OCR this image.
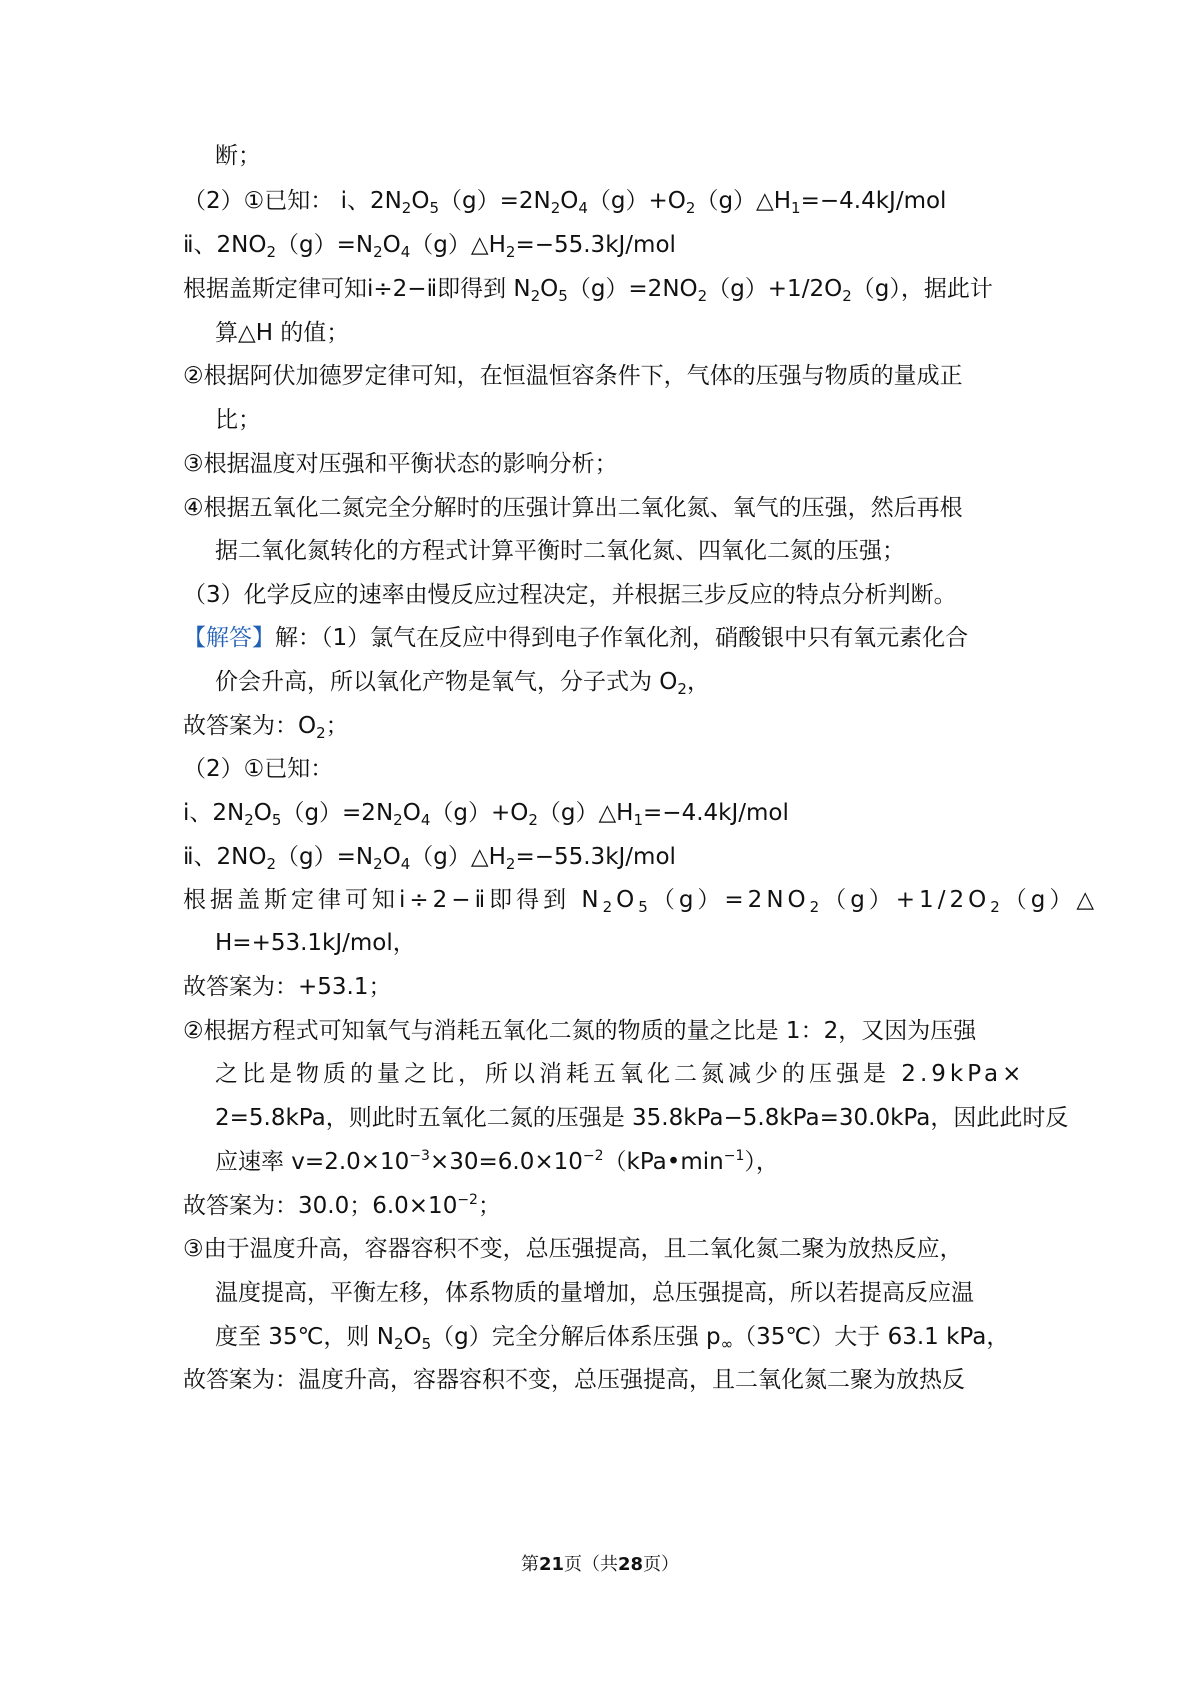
断；
（2）①已知： ⅰ、$2N_2O_5(g)=2N_2O_4(g)+O_2(g)\triangle H_1=-4.4kJ$/mol
ⅱ、$2NO_2(g)=N_2O_4(g)\triangle H_2=-55.3kJ$/mol
根据盖斯定律可知ⅰ÷2−ⅱ即得到 $N_2O_5(g)=2NO_2(g)+1/2O_2(g)$，据此计
算△H 的值；
②根据阿伏加德罗定律可知，在恒温恒容条件下，气体的压强与物质的量成正
比；
③根据温度对压强和平衡状态的影响分析；
④根据五氧化二氮完全分解时的压强计算出二氧化氮、氧气的压强，然后再根
据二氧化氮转化的方程式计算平衡时二氧化氮、四氧化二氮的压强；
（3）化学反应的速率由慢反应过程决定，并根据三步反应的特点分析判断。
【解答】解：（1）氯气在反应中得到电子作氧化剂，硝酸银中只有氧元素化合
价会升高，所以氧化产物是氧气，分子式为 $O_2$，
故答案为：$O_2$；
（2）①已知：
ⅰ、$2N_2O_5(g)=2N_2O_4(g)+O_2(g)\triangle H_1=-4.4kJ$/mol
ⅱ、$2NO_2(g)=N_2O_4(g)\triangle H_2=-55.3kJ$/mol
根据盖斯定律可知ⅰ÷2−ⅱ即得到 $N_2O_5(g)=2NO_2(g)+1/2O_2(g)\triangle$
H=+53.1kJ/mol，
故答案为：+53.1；
②根据方程式可知氧气与消耗五氧化二氮的物质的量之比是 1：2，又因为压强
之比是物质的量之比，所以消耗五氧化二氮减少的压强是 2.9kPa×
2=5.8kPa，则此时五氧化二氮的压强是 35.8kPa−5.8kPa=30.0kPa，因此此时反
应速率 $v=2.0\times 10^{-3}\times 30=6.0\times 10^{-2}(kPa•\min^{-1})$，
故答案为：30.0；$6.0\times 10^{-2}$；
③由于温度升高，容器容积不变，总压强提高，且二氧化氮二聚为放热反应，
温度提高，平衡左移，体系物质的量增加，总压强提高，所以若提高反应温
度至 35℃，则 $N_2O_5(g)$完全分解后体系压强 $p_\infty(35℃)$大于 63.1 kPa，
故答案为：温度升高，容器容积不变，总压强提高，且二氧化氮二聚为放热反
第21页（共28页）
